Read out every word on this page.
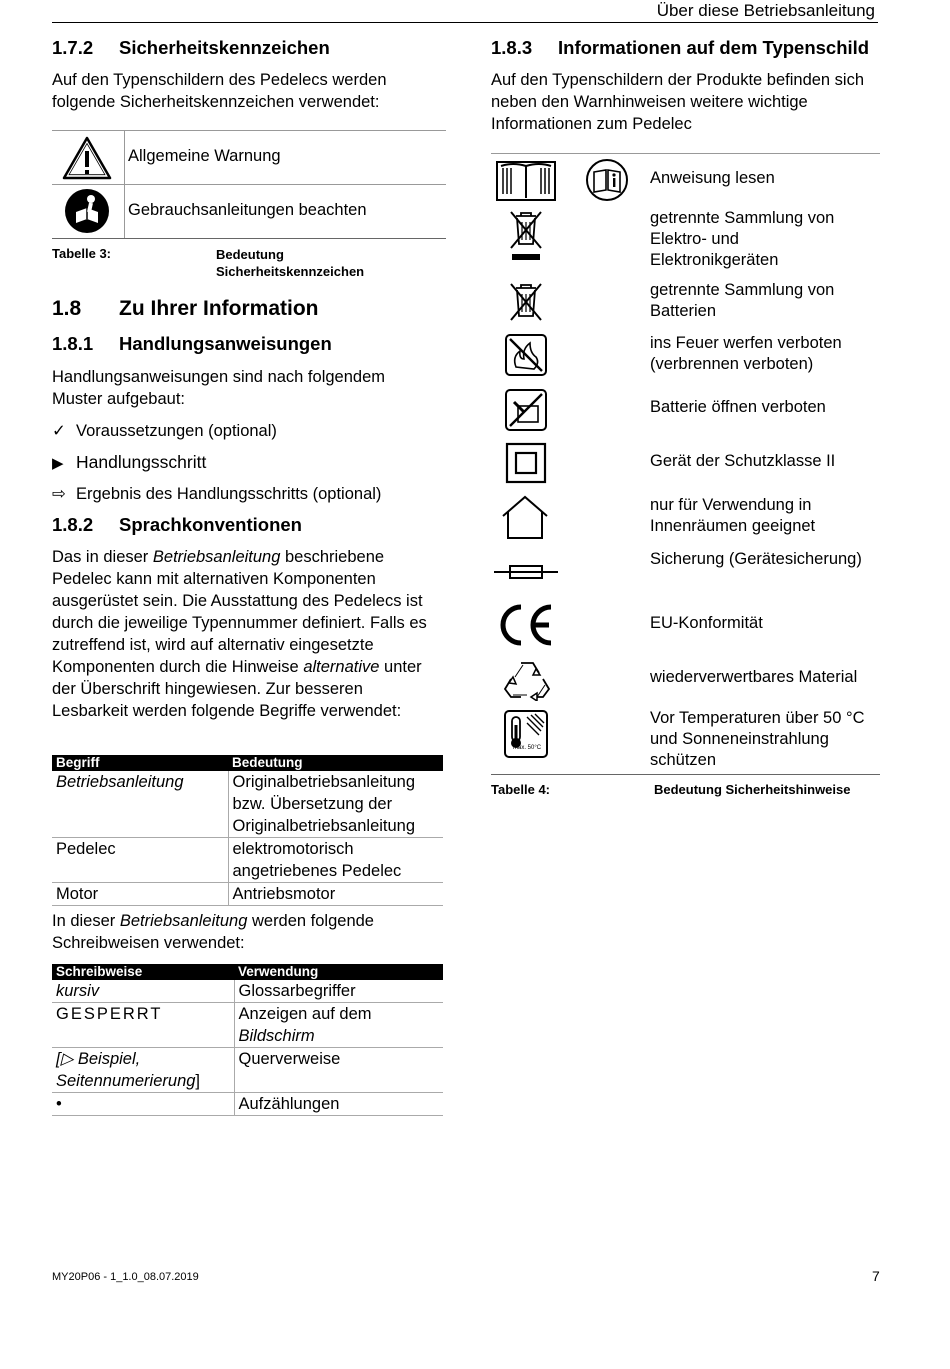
Über diese Betriebsanleitung
1.7.2 Sicherheitskennzeichen
Auf den Typenschildern des Pedelecs werden folgende Sicherheitskennzeichen verwendet:
Allgemeine Warnung
Gebrauchsanleitungen beachten
Tabelle 3:	Bedeutung Sicherheitskennzeichen
1.8 Zu Ihrer Information
1.8.1 Handlungsanweisungen
Handlungsanweisungen sind nach folgendem Muster aufgebaut:
✓ Voraussetzungen (optional)
▶ Handlungsschritt
⇨ Ergebnis des Handlungsschritts (optional)
1.8.2 Sprachkonventionen
Das in dieser Betriebsanleitung beschriebene Pedelec kann mit alternativen Komponenten ausgerüstet sein. Die Ausstattung des Pedelecs ist durch die jeweilige Typennummer definiert. Falls es zutreffend ist, wird auf alternativ eingesetzte Komponenten durch die Hinweise alternative unter der Überschrift hingewiesen. Zur besseren Lesbarkeit werden folgende Begriffe verwendet:
Begriff	Bedeutung
Betriebsanleitung	Originalbetriebsanleitung bzw. Übersetzung der Originalbetriebsanleitung
Pedelec	elektromotorisch angetriebenes Pedelec
Motor	Antriebsmotor
In dieser Betriebsanleitung werden folgende Schreibweisen verwendet:
Schreibweise	Verwendung
kursiv	Glossarbegriffer
GESPERRT	Anzeigen auf dem
Bildschirm
[▷ Beispiel, Seitennumerierung]	Querverweise
•	Aufzählungen
1.8.3 Informationen auf dem Typenschild
Auf den Typenschildern der Produkte befinden sich neben den Warnhinweisen weitere wichtige Informationen zum Pedelec
Anweisung lesen
getrennte Sammlung von Elektro- und Elektronikgeräten
getrennte Sammlung von Batterien
ins Feuer werfen verboten (verbrennen verboten)
Batterie öffnen verboten
Gerät der Schutzklasse II
nur für Verwendung in Innenräumen geeignet
Sicherung (Gerätesicherung)
EU-Konformität
wiederverwertbares Material
max. 50°C
Vor Temperaturen über 50 °C und Sonneneinstrahlung schützen
Tabelle 4:	Bedeutung Sicherheitshinweise
MY20P06 - 1_1.0_08.07.2019	7
